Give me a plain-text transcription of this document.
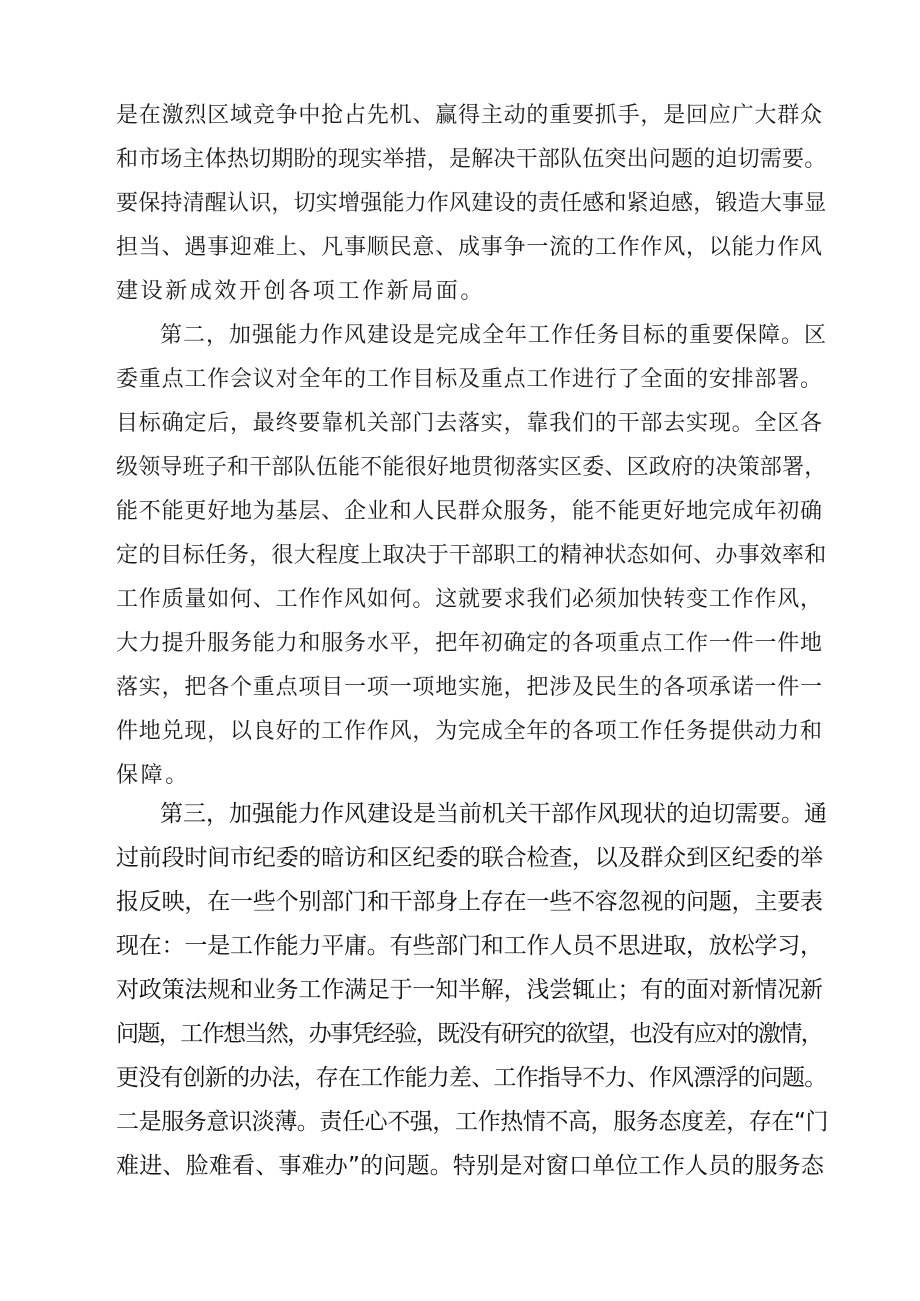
是在激烈区域竞争中抢占先机、赢得主动的重要抓手，是回应广大群众
和市场主体热切期盼的现实举措，是解决干部队伍突出问题的迫切需要。
要保持清醒认识，切实增强能力作风建设的责任感和紧迫感，锻造大事显
担当、遇事迎难上、凡事顺民意、成事争一流的工作作风，以能力作风
建设新成效开创各项工作新局面。
第二，加强能力作风建设是完成全年工作任务目标的重要保障。区
委重点工作会议对全年的工作目标及重点工作进行了全面的安排部署。
目标确定后，最终要靠机关部门去落实，靠我们的干部去实现。全区各
级领导班子和干部队伍能不能很好地贯彻落实区委、区政府的决策部署，
能不能更好地为基层、企业和人民群众服务，能不能更好地完成年初确
定的目标任务，很大程度上取决于干部职工的精神状态如何、办事效率和
工作质量如何、工作作风如何。这就要求我们必须加快转变工作作风，
大力提升服务能力和服务水平，把年初确定的各项重点工作一件一件地
落实，把各个重点项目一项一项地实施，把涉及民生的各项承诺一件一
件地兑现，以良好的工作作风，为完成全年的各项工作任务提供动力和
保障。
第三，加强能力作风建设是当前机关干部作风现状的迫切需要。通
过前段时间市纪委的暗访和区纪委的联合检查，以及群众到区纪委的举
报反映，在一些个别部门和干部身上存在一些不容忽视的问题，主要表
现在：一是工作能力平庸。有些部门和工作人员不思进取，放松学习，
对政策法规和业务工作满足于一知半解，浅尝辄止；有的面对新情况新
问题，工作想当然，办事凭经验，既没有研究的欲望，也没有应对的激情，
更没有创新的办法，存在工作能力差、工作指导不力、作风漂浮的问题。
二是服务意识淡薄。责任心不强，工作热情不高，服务态度差，存在“门
难进、脸难看、事难办”的问题。特别是对窗口单位工作人员的服务态
